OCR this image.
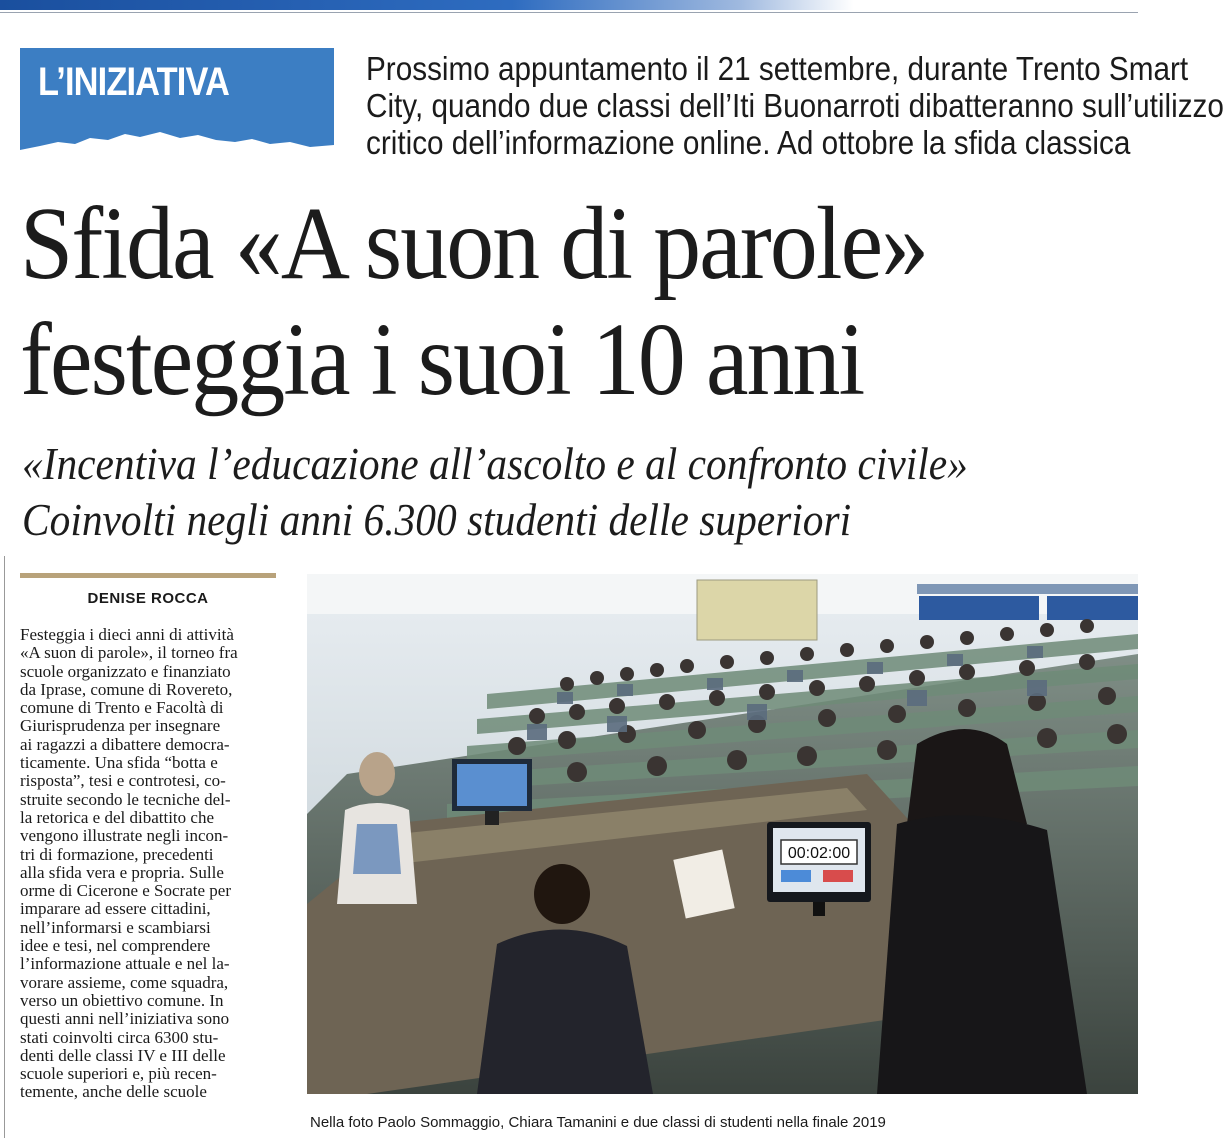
L’INIZIATIVA	Prossimo appuntamento il 21 settembre, durante Trento Smart
City, quando due classi dell’Iti Buonarroti dibatteranno sull’utilizzo
critico dell’informazione online. Ad ottobre la sfida classica
Sfida «A suon di parole»
festeggia i suoi 10 anni
«Incentiva l’educazione all’ascolto e al confronto civile»
Coinvolti negli anni 6.300 studenti delle superiori
DENISE ROCCA
Festeggia i dieci anni di attività
«A suon di parole», il torneo fra
scuole organizzato e finanziato
da Iprase, comune di Rovereto,
comune di Trento e Facoltà di
Giurisprudenza per insegnare
ai ragazzi a dibattere democra-
ticamente. Una sfida “botta e
risposta”, tesi e controtesi, co-
struite secondo le tecniche del-
la retorica e del dibattito che
vengono illustrate negli incon-
tri di formazione, precedenti
alla sfida vera e propria. Sulle
orme di Cicerone e Socrate per
imparare ad essere cittadini,
nell’informarsi e scambiarsi
idee e tesi, nel comprendere
l’informazione attuale e nel la-
vorare assieme, come squadra,
verso un obiettivo comune. In
questi anni nell’iniziativa sono
stati coinvolti circa 6300 stu-
denti delle classi IV e III delle
scuole superiori e, più recen-
temente, anche delle scuole
00:02:00
Nella foto Paolo Sommaggio, Chiara Tamanini e due classi di studenti nella finale 2019
